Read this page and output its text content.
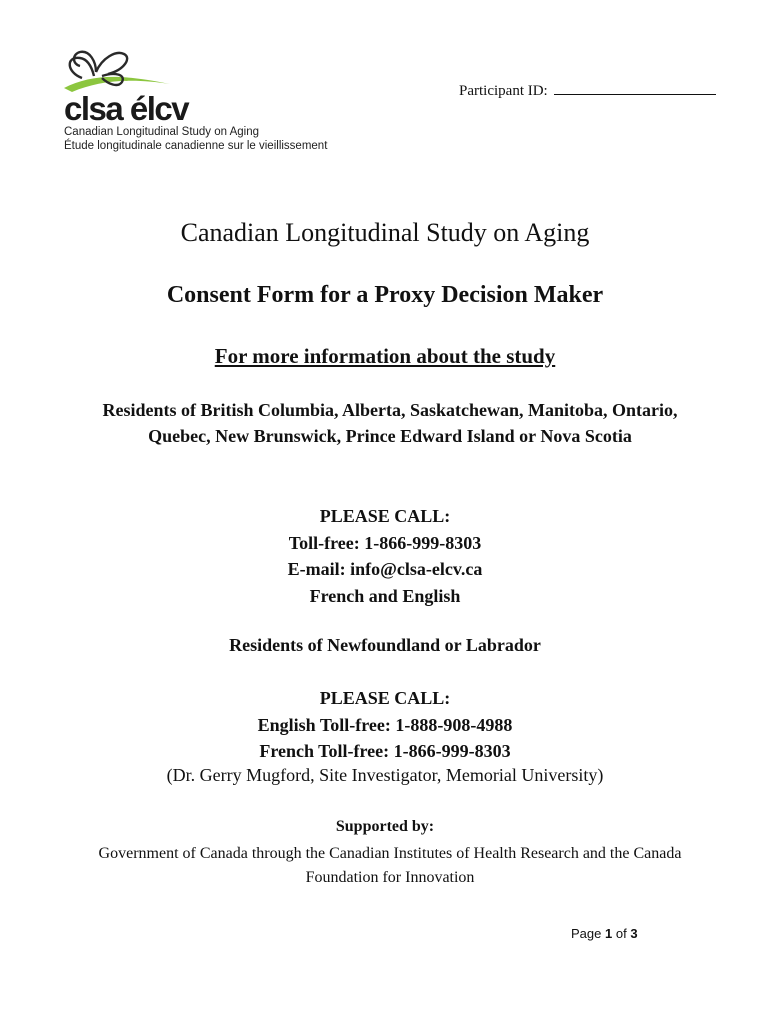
clsa élcv
Canadian Longitudinal Study on Aging
Étude longitudinale canadienne sur le vieillissement
Participant ID:
Canadian Longitudinal Study on Aging
Consent Form for a Proxy Decision Maker
For more information about the study
Residents of British Columbia, Alberta, Saskatchewan, Manitoba, Ontario, Quebec, New Brunswick, Prince Edward Island or Nova Scotia
PLEASE CALL:
Toll-free: 1-866-999-8303
E-mail: info@clsa-elcv.ca
French and English
Residents of Newfoundland or Labrador
PLEASE CALL:
English Toll-free: 1-888-908-4988
French Toll-free: 1-866-999-8303
(Dr. Gerry Mugford, Site Investigator, Memorial University)
Supported by:
Government of Canada through the Canadian Institutes of Health Research and the Canada Foundation for Innovation
Page 1 of 3
